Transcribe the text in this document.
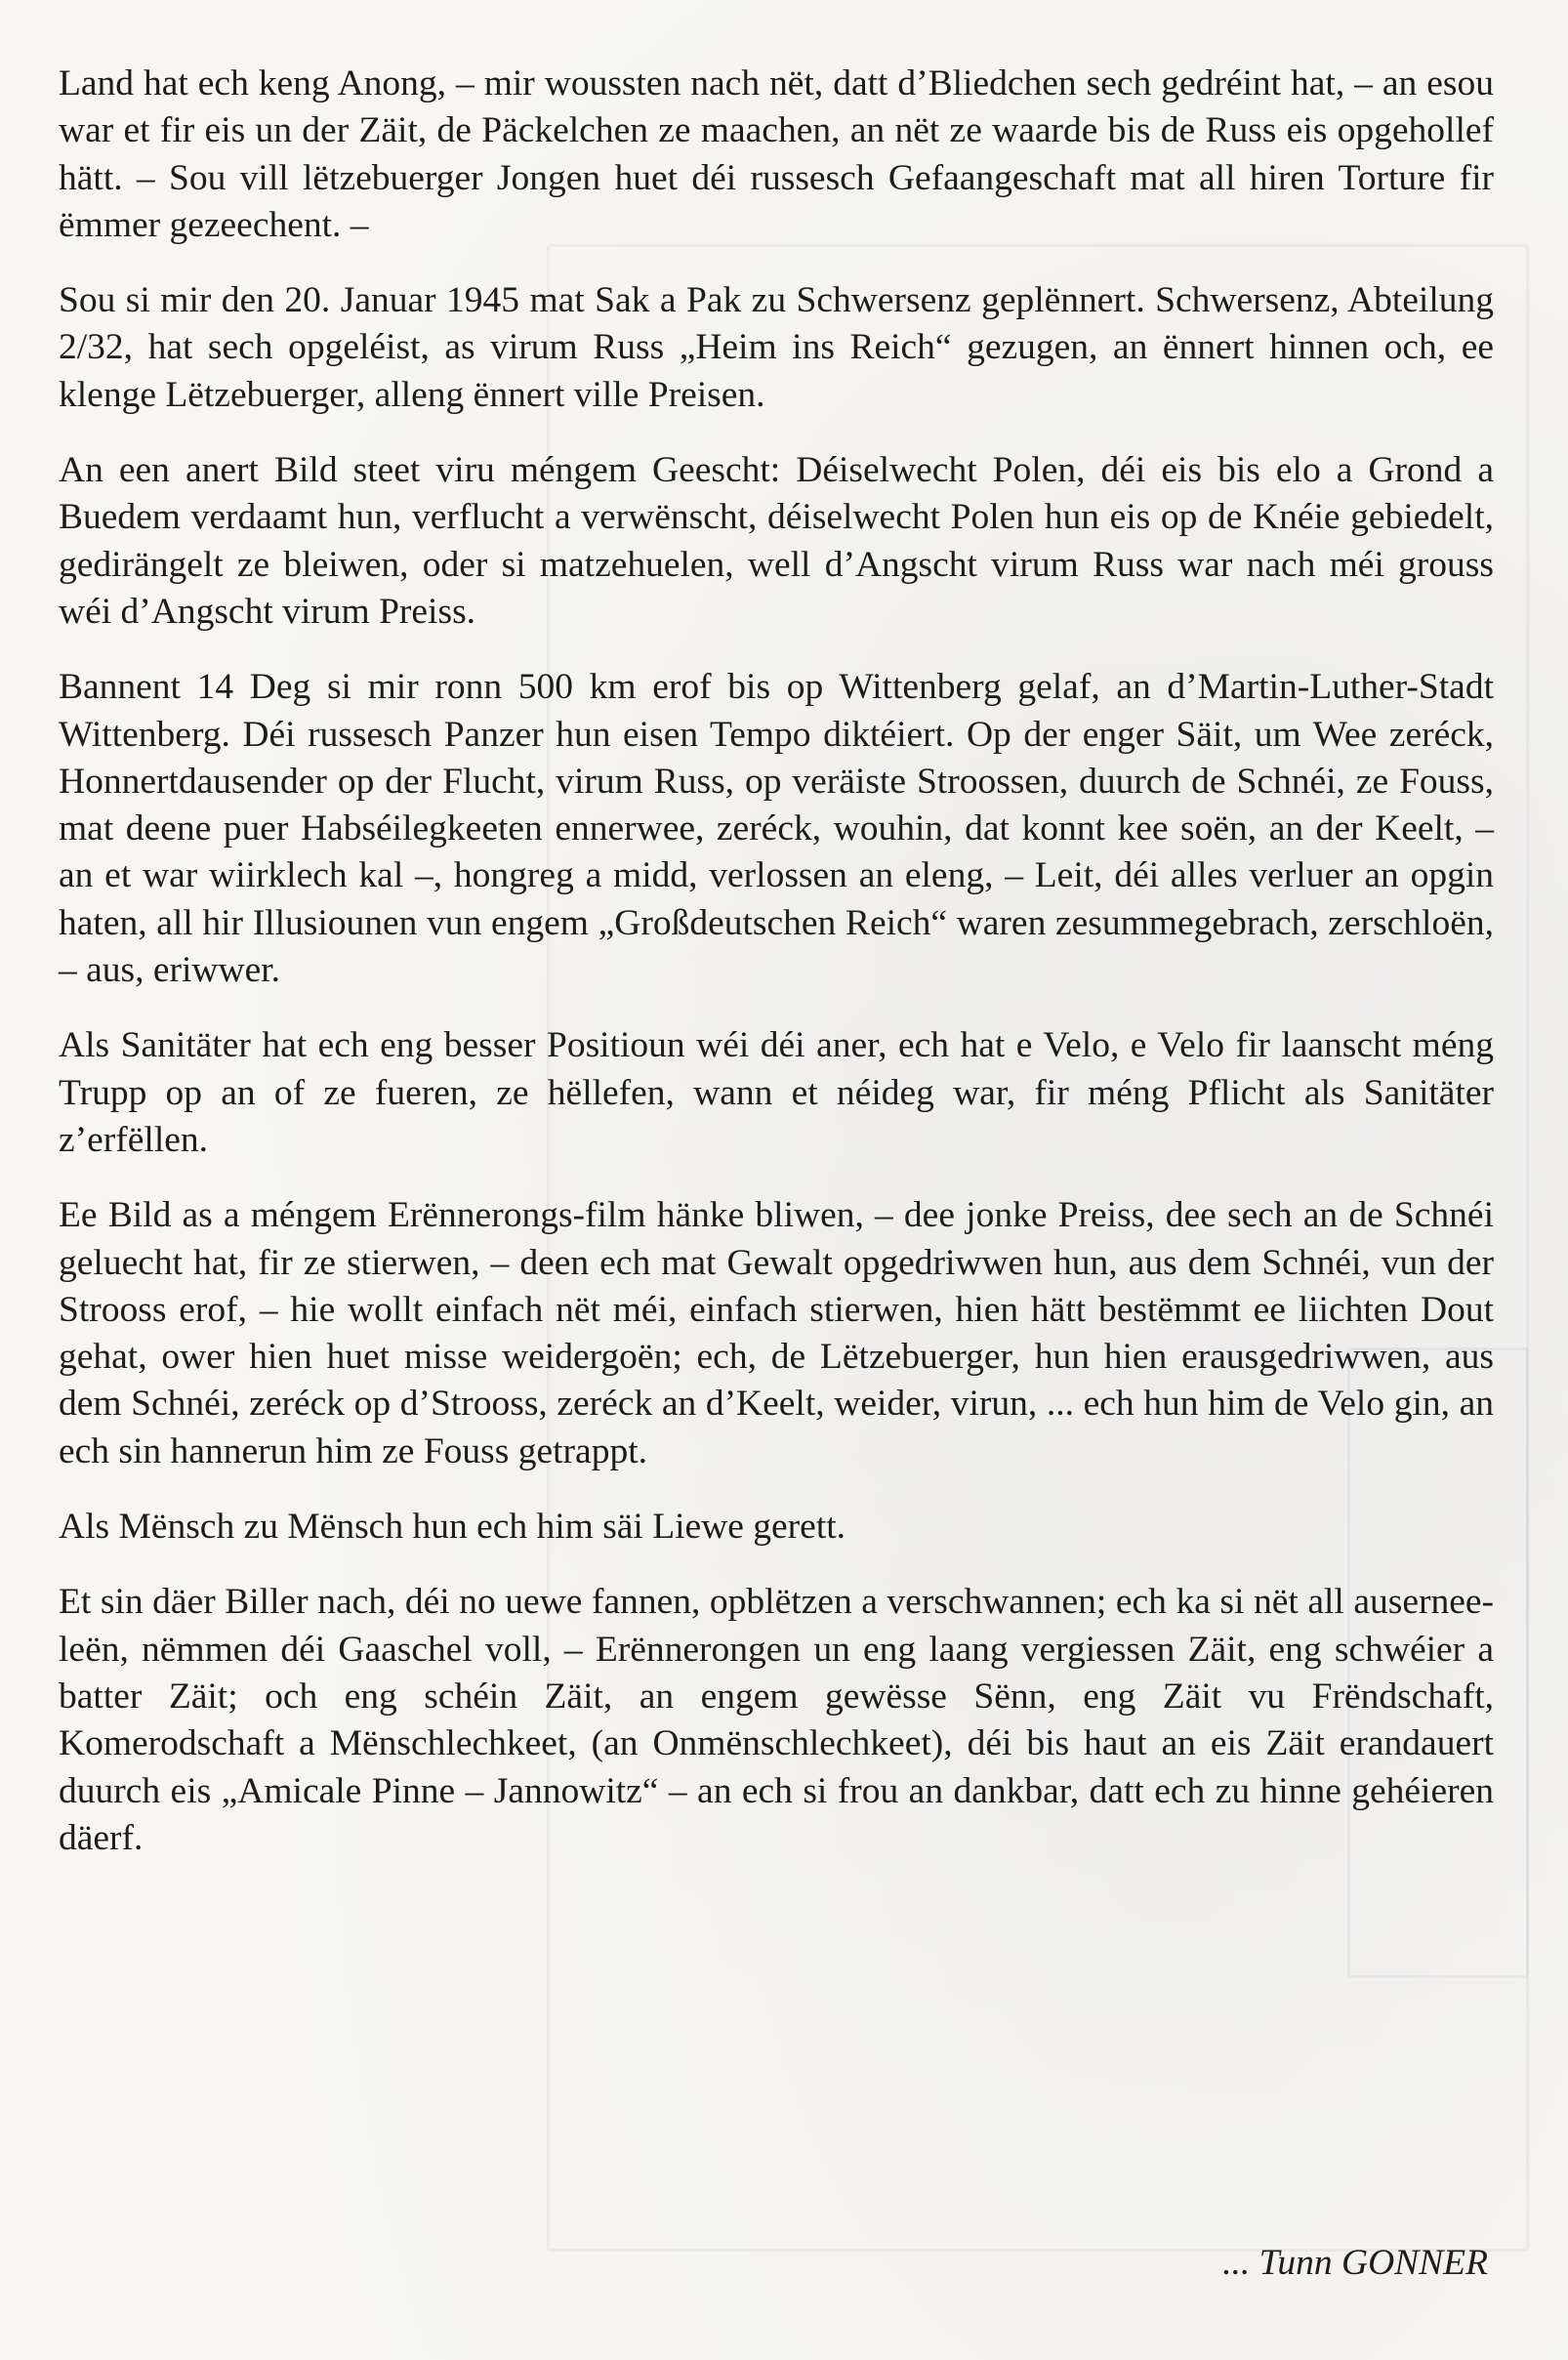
Land hat ech keng Anong, – mir woussten nach nët, datt d’Bliedchen sech gedréint hat, – an esou war et fir eis un der Zäit, de Päckelchen ze maachen, an nët ze waarde bis de Russ eis opgehollef hätt. – Sou vill lëtzebuerger Jongen huet déi russesch Gefaangeschaft mat all hiren Torture fir ëmmer gezeechent. –

Sou si mir den 20. Januar 1945 mat Sak a Pak zu Schwersenz geplënnert. Schwersenz, Abteilung 2/32, hat sech opgeléist, as virum Russ „Heim ins Reich“ gezugen, an ënnert hinnen och, ee klenge Lëtzebuerger, alleng ënnert ville Preisen.

An een anert Bild steet viru méngem Geescht: Déiselwecht Polen, déi eis bis elo a Grond a Buedem verdaamt hun, verflucht a verwënscht, déiselwecht Polen hun eis op de Knéie gebiedelt, gedirängelt ze bleiwen, oder si matzehuelen, well d’Angscht virum Russ war nach méi grouss wéi d’Angscht virum Preiss.

Bannent 14 Deg si mir ronn 500 km erof bis op Wittenberg gelaf, an d’Martin-Luther-Stadt Wittenberg. Déi russesch Panzer hun eisen Tempo diktéiert. Op der enger Säit, um Wee zeréck, Honnertdausender op der Flucht, virum Russ, op veräiste Stroossen, duurch de Schnéi, ze Fouss, mat deene puer Habséilegkeeten ennerwee, zeréck, wouhin, dat konnt kee soën, an der Keelt, – an et war wiirklech kal –, hongreg a midd, verlossen an eleng, – Leit, déi alles verluer an opgin haten, all hir Illusiounen vun engem „Großdeutschen Reich“ waren zesummegebrach, zerschloën, – aus, eriwwer.

Als Sanitäter hat ech eng besser Positioun wéi déi aner, ech hat e Velo, e Velo fir laanscht méng Trupp op an of ze fueren, ze hëllefen, wann et néideg war, fir méng Pflicht als Sanitäter z’erfëllen.

Ee Bild as a méngem Erënnerongs-film hänke bliwen, – dee jonke Preiss, dee sech an de Schnéi geluecht hat, fir ze stierwen, – deen ech mat Gewalt opgedriwwen hun, aus dem Schnéi, vun der Strooss erof, – hie wollt einfach nët méi, einfach stierwen, hien hätt bestëmmt ee liichten Dout gehat, ower hien huet misse weidergoën; ech, de Lëtzebuerger, hun hien erausgedriwwen, aus dem Schnéi, zeréck op d’Strooss, zeréck an d’Keelt, weider, virun, ... ech hun him de Velo gin, an ech sin hannerun him ze Fouss getrappt.

Als Mënsch zu Mënsch hun ech him säi Liewe gerett.

Et sin däer Biller nach, déi no uewe fannen, opblëtzen a verschwannen; ech ka si nët all ausernee-leën, nëmmen déi Gaaschel voll, – Erënnerongen un eng laang vergiessen Zäit, eng schwéier a batter Zäit; och eng schéin Zäit, an engem gewësse Sënn, eng Zäit vu Frëndschaft, Komerodschaft a Mënschlechkeet, (an Onmënschlechkeet), déi bis haut an eis Zäit erandauert duurch eis „Amicale Pinne – Jannowitz“ – an ech si frou an dankbar, datt ech zu hinne gehéieren däerf.

... Tunn GONNER
